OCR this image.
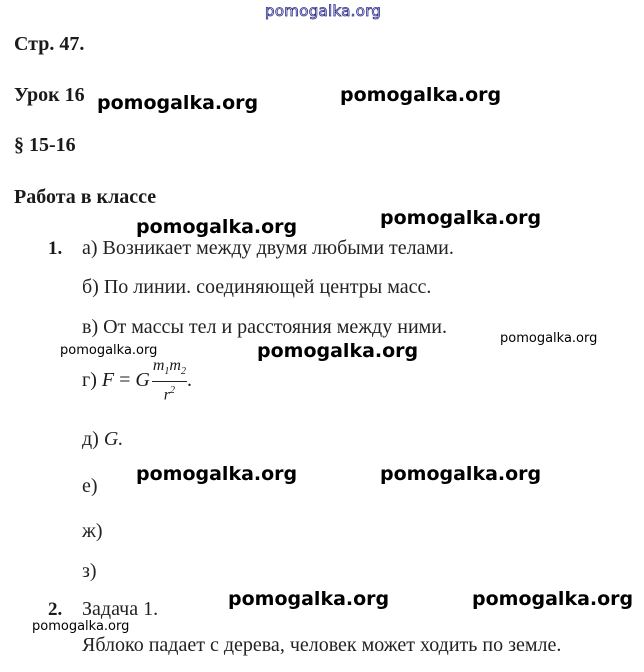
pomogalka.org
Стр. 47.
Урок 16
§ 15-16
Работа в классе
pomogalka.org	pomogalka.org
pomogalka.org	pomogalka.org
pomogalka.org	pomogalka.org
pomogalka.org
pomogalka.org	pomogalka.org
pomogalka.org	pomogalka.org
pomogalka.org
1. а) Возникает между двумя любыми телами.
б) По линии. соединяющей центры масс.
в) От массы тел и расстояния между ними.
г) F = G $\frac{m_1m_2}{r^2}$ .
д) G.
е)
ж)
з)
2. Задача 1.
Яблоко падает с дерева, человек может ходить по земле.
